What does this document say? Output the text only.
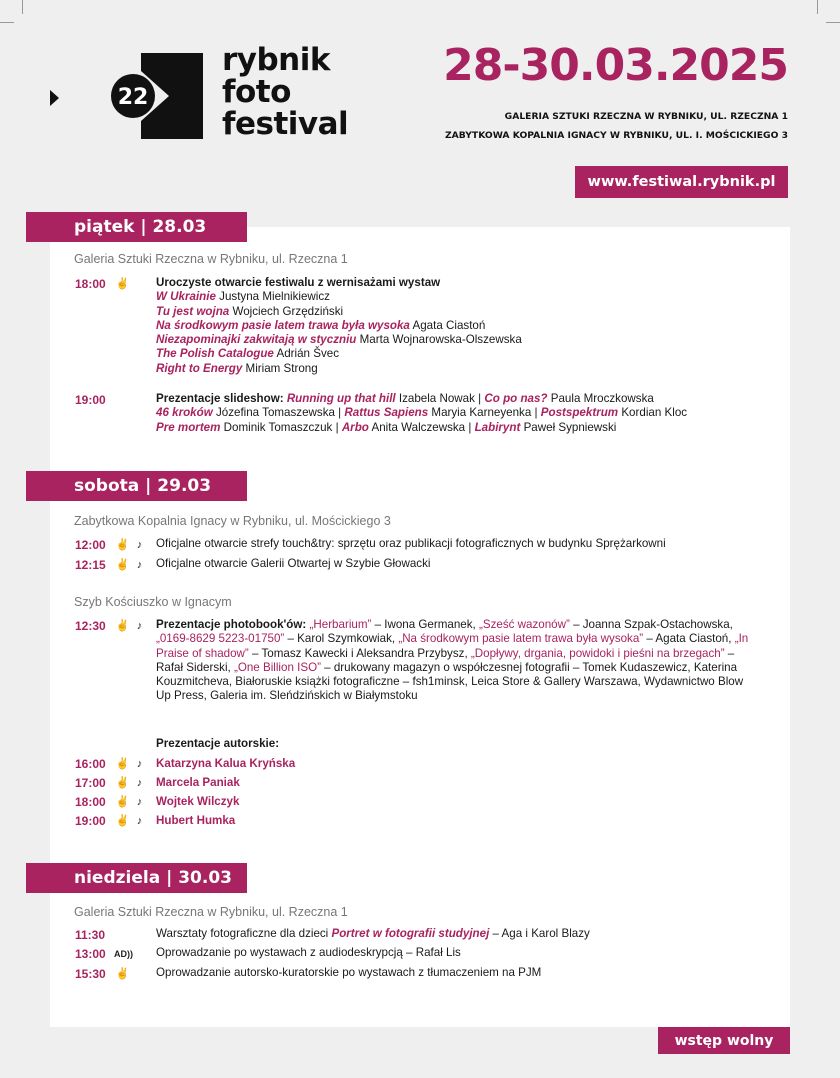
22
rybnik
foto
festival
28-30.03.2025
GALERIA SZTUKI RZECZNA W RYBNIKU, UL. RZECZNA 1
ZABYTKOWA KOPALNIA IGNACY W RYBNIKU, UL. I. MOŚCICKIEGO 3
www.festiwal.rybnik.pl
piątek | 28.03
Galeria Sztuki Rzeczna w Rybniku, ul. Rzeczna 1
18:00 ✌ Uroczyste otwarcie festiwalu z wernisażami wystaw
W Ukrainie Justyna Mielnikiewicz
Tu jest wojna Wojciech Grzędziński
Na środkowym pasie latem trawa była wysoka Agata Ciastoń
Niezapominajki zakwitają w styczniu Marta Wojnarowska-Olszewska
The Polish Catalogue Adrián Švec
Right to Energy Miriam Strong
19:00	Prezentacje slideshow: Running up that hill Izabela Nowak | Co po nas? Paula Mroczkowska
46 kroków Józefina Tomaszewska | Rattus Sapiens Maryia Karneyenka | Postspektrum Kordian Kloc
Pre mortem Dominik Tomaszczuk | Arbo Anita Walczewska | Labirynt Paweł Sypniewski
sobota | 29.03
Zabytkowa Kopalnia Ignacy w Rybniku, ul. Mościckiego 3
12:00 ✌ ♪	Oficjalne otwarcie strefy touch&try: sprzętu oraz publikacji fotograficznych w budynku Sprężarkowni
12:15 ✌ ♪	Oficjalne otwarcie Galerii Otwartej w Szybie Głowacki
Szyb Kościuszko w Ignacym
12:30 ✌ ♪	Prezentacje photobook'ów: „Herbarium” – Iwona Germanek, „Sześć wazonów” – Joanna Szpak-Ostachowska, „0169-8629 5223-01750” – Karol Szymkowiak, „Na środkowym pasie latem trawa była wysoka” – Agata Ciastoń, „In Praise of shadow” – Tomasz Kawecki i Aleksandra Przybysz, „Dopływy, drgania, powidoki i pieśni na brzegach” – Rafał Siderski, „One Billion ISO” – drukowany magazyn o współczesnej fotografii – Tomek Kudaszewicz, Katerina Kouzmitcheva, Białoruskie książki fotograficzne – fsh1minsk, Leica Store & Gallery Warszawa, Wydawnictwo Blow Up Press, Galeria im. Sleńdzińskich w Białymstoku
Prezentacje autorskie:
16:00 ✌ ♪	Katarzyna Kalua Kryńska
17:00 ✌ ♪	Marcela Paniak
18:00 ✌ ♪	Wojtek Wilczyk
19:00 ✌ ♪	Hubert Humka
niedziela | 30.03
Galeria Sztuki Rzeczna w Rybniku, ul. Rzeczna 1
11:30	Warsztaty fotograficzne dla dzieci Portret w fotografii studyjnej – Aga i Karol Blazy
13:00 AD)) Oprowadzanie po wystawach z audiodeskrypcją – Rafał Lis
15:30 ✌ Oprowadzanie autorsko-kuratorskie po wystawach z tłumaczeniem na PJM
wstęp wolny
